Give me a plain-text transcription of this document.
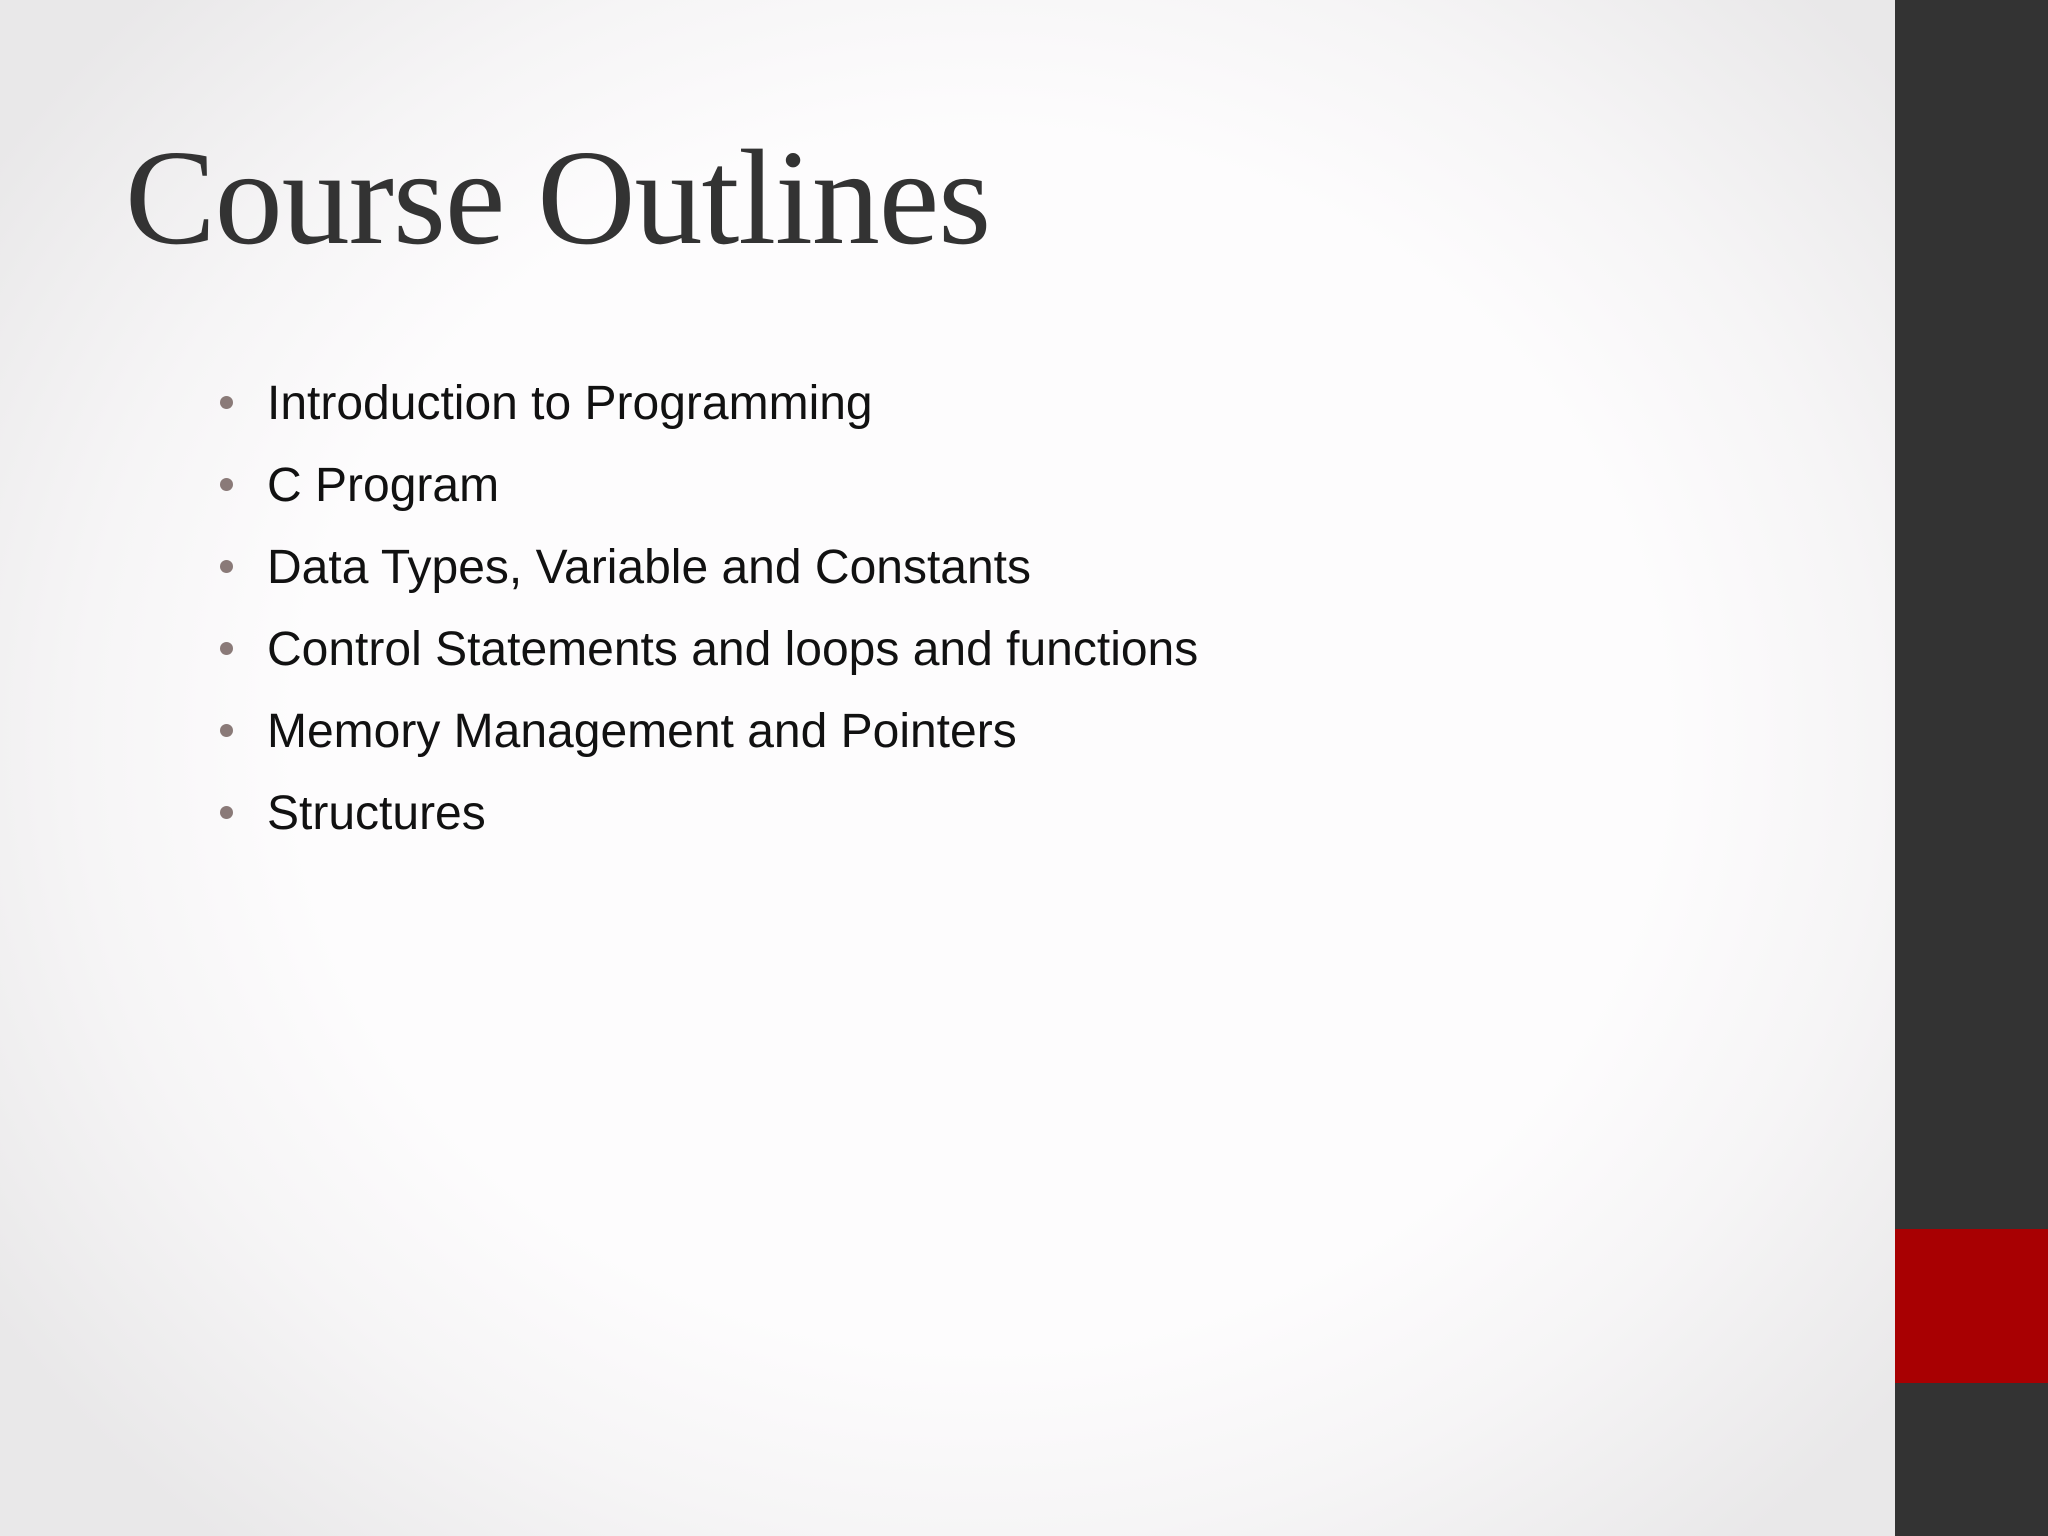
Course Outlines
Introduction to Programming
C Program
Data Types, Variable and Constants
Control Statements and loops and functions
Memory Management and Pointers
Structures
